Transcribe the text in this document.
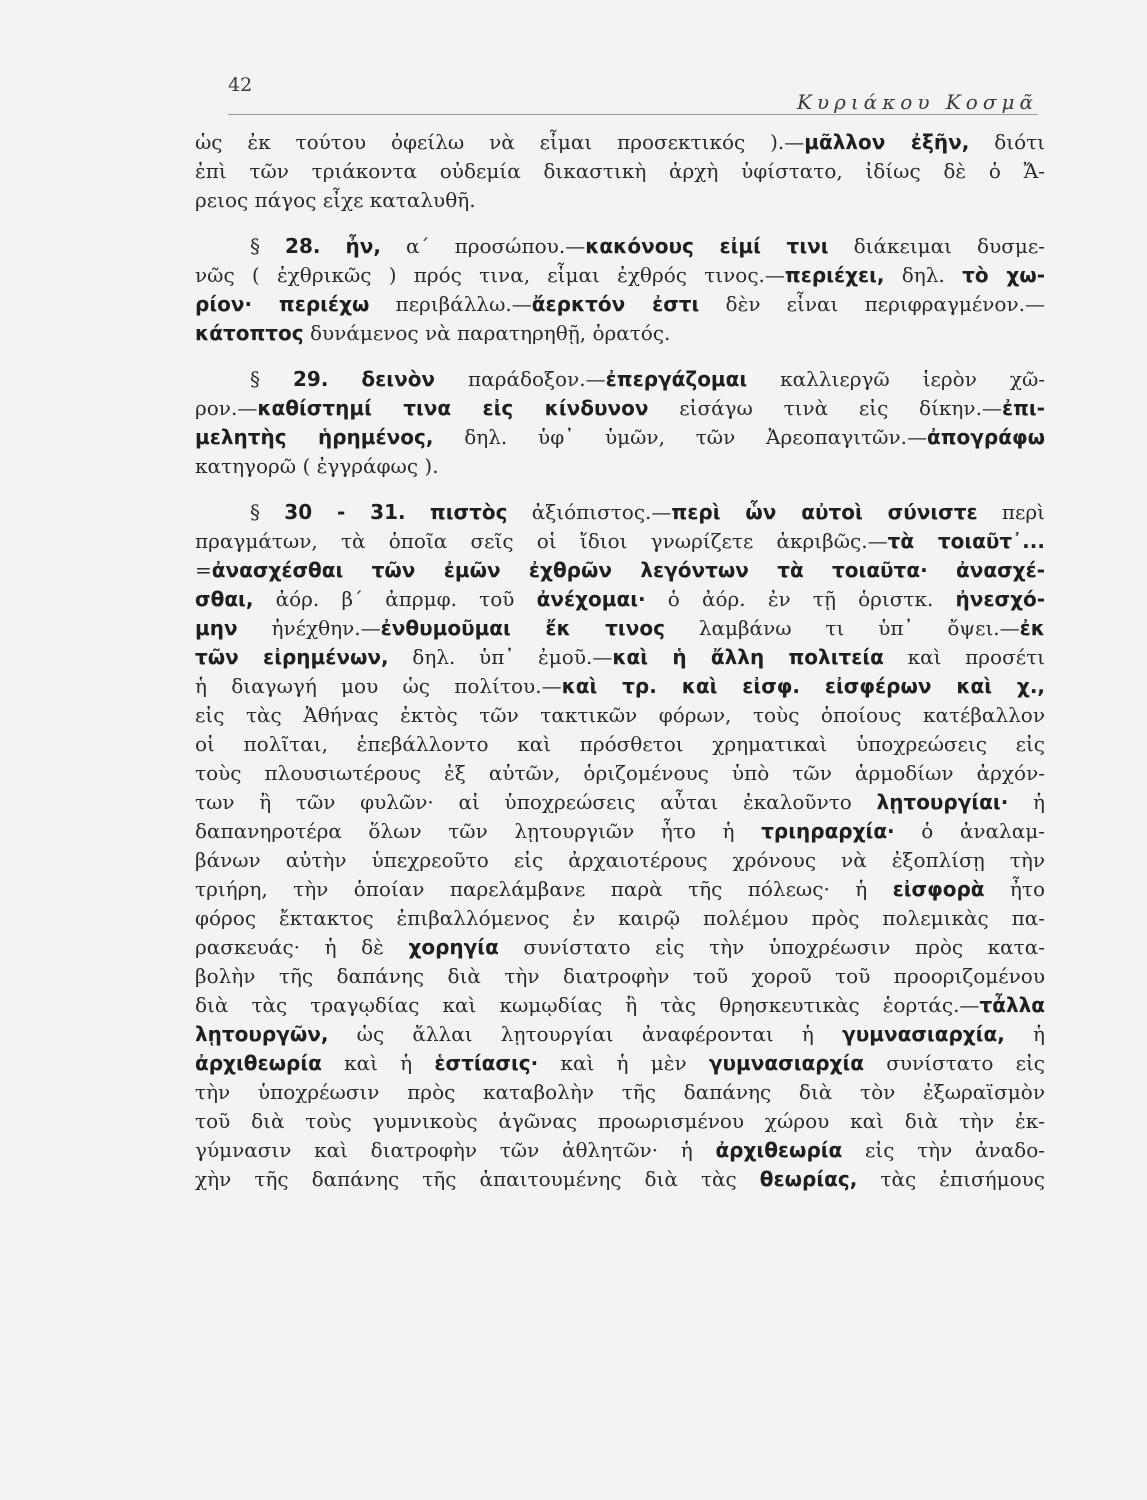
42
Κυριάκου Κοσμᾶ
ὡς ἐκ τούτου ὀφείλω νὰ εἶμαι προσεκτικός ).—μᾶλλον ἐξῆν, διότι
ἐπὶ τῶν τριάκοντα οὐδεμία δικαστικὴ ἀρχὴ ὑφίστατο, ἰδίως δὲ ὁ Ἄ-
ρειος πάγος εἶχε καταλυθῆ.
§ 28. ἦν, α΄ προσώπου.—κακόνους εἰμί τινι διάκειμαι δυσμε-
νῶς ( ἐχθρικῶς ) πρός τινα, εἶμαι ἐχθρός τινος.—περιέχει, δηλ. τὸ χω-
ρίον· περιέχω περιβάλλω.—ἄερκτόν ἐστι δὲν εἶναι περιφραγμένον.—
κάτοπτος δυνάμενος νὰ παρατηρηθῇ, ὁρατός.
§ 29. δεινὸν παράδοξον.—ἐπεργάζομαι καλλιεργῶ ἱερὸν χῶ-
ρον.—καθίστημί τινα εἰς κίνδυνον εἰσάγω τινὰ εἰς δίκην.—ἐπι-
μελητὴς ἡρημένος, δηλ. ὑφ᾽ ὑμῶν, τῶν Ἀρεοπαγιτῶν.—ἀπογράφω
κατηγορῶ ( ἐγγράφως ).
§ 30 - 31. πιστὸς ἀξιόπιστος.—περὶ ὧν αὐτοὶ σύνιστε περὶ
πραγμάτων, τὰ ὁποῖα σεῖς οἱ ἴδιοι γνωρίζετε ἀκριβῶς.—τὰ τοιαῦτ᾽...
=ἀνασχέσθαι τῶν ἐμῶν ἐχθρῶν λεγόντων τὰ τοιαῦτα· ἀνασχέ-
σθαι, ἀόρ. β΄ ἀπρμφ. τοῦ ἀνέχομαι· ὁ ἀόρ. ἐν τῇ ὁριστκ. ἠνεσχό-
μην ἠνέχθην.—ἐνθυμοῦμαι ἔκ τινος λαμβάνω τι ὑπ᾽ ὄψει.—ἐκ
τῶν εἰρημένων, δηλ. ὑπ᾽ ἐμοῦ.—καὶ ἡ ἄλλη πολιτεία καὶ προσέτι
ἡ διαγωγή μου ὡς πολίτου.—καὶ τρ. καὶ εἰσφ. εἰσφέρων καὶ χ.,
εἰς τὰς Ἀθήνας ἐκτὸς τῶν τακτικῶν φόρων, τοὺς ὁποίους κατέβαλλον
οἱ πολῖται, ἐπεβάλλοντο καὶ πρόσθετοι χρηματικαὶ ὑποχρεώσεις εἰς
τοὺς πλουσιωτέρους ἐξ αὐτῶν, ὁριζομένους ὑπὸ τῶν ἁρμοδίων ἀρχόν-
των ἢ τῶν φυλῶν· αἱ ὑποχρεώσεις αὗται ἐκαλοῦντο λῃτουργίαι· ἡ
δαπανηροτέρα ὅλων τῶν λῃτουργιῶν ἦτο ἡ τριηραρχία· ὁ ἀναλαμ-
βάνων αὐτὴν ὑπεχρεοῦτο εἰς ἀρχαιοτέρους χρόνους νὰ ἐξοπλίσῃ τὴν
τριήρη, τὴν ὁποίαν παρελάμβανε παρὰ τῆς πόλεως· ἡ εἰσφορὰ ἦτο
φόρος ἔκτακτος ἐπιβαλλόμενος ἐν καιρῷ πολέμου πρὸς πολεμικὰς πα-
ρασκευάς· ἡ δὲ χορηγία συνίστατο εἰς τὴν ὑποχρέωσιν πρὸς κατα-
βολὴν τῆς δαπάνης διὰ τὴν διατροφὴν τοῦ χοροῦ τοῦ προοριζομένου
διὰ τὰς τραγῳδίας καὶ κωμῳδίας ἢ τὰς θρησκευτικὰς ἑορτάς.—τἆλλα
λῃτουργῶν, ὡς ἄλλαι λῃτουργίαι ἀναφέρονται ἡ γυμνασιαρχία, ἡ
ἀρχιθεωρία καὶ ἡ ἑστίασις· καὶ ἡ μὲν γυμνασιαρχία συνίστατο εἰς
τὴν ὑποχρέωσιν πρὸς καταβολὴν τῆς δαπάνης διὰ τὸν ἐξωραϊσμὸν
τοῦ διὰ τοὺς γυμνικοὺς ἀγῶνας προωρισμένου χώρου καὶ διὰ τὴν ἐκ-
γύμνασιν καὶ διατροφὴν τῶν ἀθλητῶν· ἡ ἀρχιθεωρία εἰς τὴν ἀναδο-
χὴν τῆς δαπάνης τῆς ἀπαιτουμένης διὰ τὰς θεωρίας, τὰς ἐπισήμους
